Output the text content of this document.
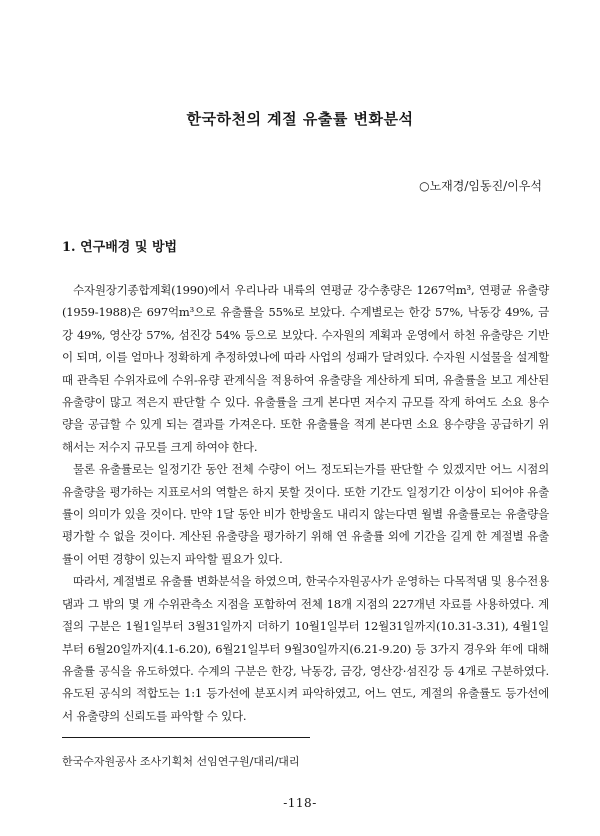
한국하천의 계절 유출률 변화분석
○노재경/임동진/이우석
1. 연구배경 및 방법

수자원장기종합계획(1990)에서 우리나라 내륙의 연평균 강수총량은 1267억m³, 연평균 유출량(1959-1988)은 697억m³으로 유출률을 55%로 보았다. 수계별로는 한강 57%, 낙동강 49%, 금강 49%, 영산강 57%, 섬진강 54% 등으로 보았다. 수자원의 계획과 운영에서 하천 유출량은 기반이 되며, 이를 얼마나 정확하게 추정하였나에 따라 사업의 성패가 달려있다. 수자원 시설물을 설계할 때 관측된 수위자료에 수위-유량 관계식을 적용하여 유출량을 계산하게 되며, 유출률을 보고 계산된 유출량이 많고 적은지 판단할 수 있다. 유출률을 크게 본다면 저수지 규모를 작게 하여도 소요 용수량을 공급할 수 있게 되는 결과를 가져온다. 또한 유출률을 적게 본다면 소요 용수량을 공급하기 위해서는 저수지 규모를 크게 하여야 한다.

물론 유출률로는 일정기간 동안 전체 수량이 어느 정도되는가를 판단할 수 있겠지만 어느 시점의 유출량을 평가하는 지표로서의 역할은 하지 못할 것이다. 또한 기간도 일정기간 이상이 되어야 유출률이 의미가 있을 것이다. 만약 1달 동안 비가 한방울도 내리지 않는다면 월별 유출률로는 유출량을 평가할 수 없을 것이다. 계산된 유출량을 평가하기 위해 연 유출률 외에 기간을 길게 한 계절별 유출률이 어떤 경향이 있는지 파악할 필요가 있다.

따라서, 계절별로 유출률 변화분석을 하였으며, 한국수자원공사가 운영하는 다목적댐 및 용수전용댐과 그 밖의 몇 개 수위관측소 지점을 포함하여 전체 18개 지점의 227개년 자료를 사용하였다. 계절의 구분은 1월1일부터 3월31일까지 더하기 10월1일부터 12월31일까지(10.31-3.31), 4월1일부터 6월20일까지(4.1-6.20), 6월21일부터 9월30일까지(6.21-9.20) 등 3가지 경우와 年에 대해 유출률 공식을 유도하였다. 수계의 구분은 한강, 낙동강, 금강, 영산강·섬진강 등 4개로 구분하였다. 유도된 공식의 적합도는 1:1 등가선에 분포시켜 파악하였고, 어느 연도, 계절의 유출률도 등가선에서 유출량의 신뢰도를 파악할 수 있다.

한국수자원공사 조사기획처 선임연구원/대리/대리
-118-
